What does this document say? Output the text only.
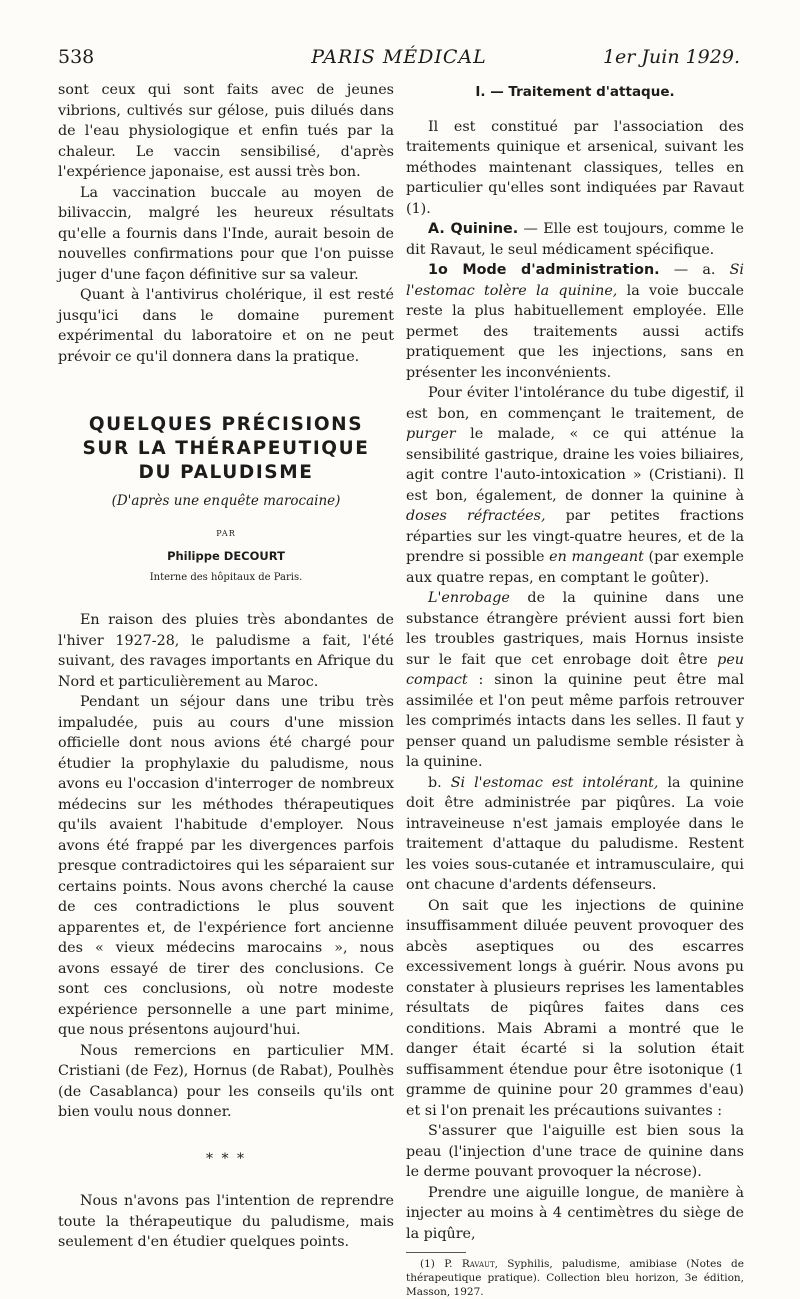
538	PARIS MÉDICAL	1er Juin 1929.

sont ceux qui sont faits avec de jeunes vibrions, cultivés sur gélose, puis dilués dans de l'eau physiologique et enfin tués par la chaleur. Le vaccin sensibilisé, d'après l'expérience japonaise, est aussi très bon.

La vaccination buccale au moyen de bilivaccin, malgré les heureux résultats qu'elle a fournis dans l'Inde, aurait besoin de nouvelles confirmations pour que l'on puisse juger d'une façon définitive sur sa valeur.

Quant à l'antivirus cholérique, il est resté jusqu'ici dans le domaine purement expérimental du laboratoire et on ne peut prévoir ce qu'il donnera dans la pratique.

QUELQUES PRÉCISIONS
SUR LA THÉRAPEUTIQUE
DU PALUDISME
(D'après une enquête marocaine)
PAR
Philippe DECOURT
Interne des hôpitaux de Paris.

En raison des pluies très abondantes de l'hiver 1927-28, le paludisme a fait, l'été suivant, des ravages importants en Afrique du Nord et particulièrement au Maroc.

Pendant un séjour dans une tribu très impaludée, puis au cours d'une mission officielle dont nous avions été chargé pour étudier la prophylaxie du paludisme, nous avons eu l'occasion d'interroger de nombreux médecins sur les méthodes thérapeutiques qu'ils avaient l'habitude d'employer. Nous avons été frappé par les divergences parfois presque contradictoires qui les séparaient sur certains points. Nous avons cherché la cause de ces contradictions le plus souvent apparentes et, de l'expérience fort ancienne des « vieux médecins marocains », nous avons essayé de tirer des conclusions. Ce sont ces conclusions, où notre modeste expérience personnelle a une part minime, que nous présentons aujourd'hui.

Nous remercions en particulier MM. Cristiani (de Fez), Hornus (de Rabat), Poulhès (de Casablanca) pour les conseils qu'ils ont bien voulu nous donner.

* * *

Nous n'avons pas l'intention de reprendre toute la thérapeutique du paludisme, mais seulement d'en étudier quelques points.

I. — Traitement d'attaque.

Il est constitué par l'association des traitements quinique et arsenical, suivant les méthodes maintenant classiques, telles en particulier qu'elles sont indiquées par Ravaut (1).

A. Quinine. — Elle est toujours, comme le dit Ravaut, le seul médicament spécifique.

1o Mode d'administration. — a. Si l'estomac tolère la quinine, la voie buccale reste la plus habituellement employée. Elle permet des traitements aussi actifs pratiquement que les injections, sans en présenter les inconvénients.

Pour éviter l'intolérance du tube digestif, il est bon, en commençant le traitement, de purger le malade, « ce qui atténue la sensibilité gastrique, draine les voies biliaires, agit contre l'auto-intoxication » (Cristiani). Il est bon, également, de donner la quinine à doses réfractées, par petites fractions réparties sur les vingt-quatre heures, et de la prendre si possible en mangeant (par exemple aux quatre repas, en comptant le goûter).

L'enrobage de la quinine dans une substance étrangère prévient aussi fort bien les troubles gastriques, mais Hornus insiste sur le fait que cet enrobage doit être peu compact : sinon la quinine peut être mal assimilée et l'on peut même parfois retrouver les comprimés intacts dans les selles. Il faut y penser quand un paludisme semble résister à la quinine.

b. Si l'estomac est intolérant, la quinine doit être administrée par piqûres. La voie intraveineuse n'est jamais employée dans le traitement d'attaque du paludisme. Restent les voies sous-cutanée et intramusculaire, qui ont chacune d'ardents défenseurs.

On sait que les injections de quinine insuffisamment diluée peuvent provoquer des abcès aseptiques ou des escarres excessivement longs à guérir. Nous avons pu constater à plusieurs reprises les lamentables résultats de piqûres faites dans ces conditions. Mais Abrami a montré que le danger était écarté si la solution était suffisamment étendue pour être isotonique (1 gramme de quinine pour 20 grammes d'eau) et si l'on prenait les précautions suivantes :

S'assurer que l'aiguille est bien sous la peau (l'injection d'une trace de quinine dans le derme pouvant provoquer la nécrose).

Prendre une aiguille longue, de manière à injecter au moins à 4 centimètres du siège de la piqûre,

(1) P. Ravaut, Syphilis, paludisme, amibiase (Notes de thérapeutique pratique). Collection bleu horizon, 3e édition, Masson, 1927.
